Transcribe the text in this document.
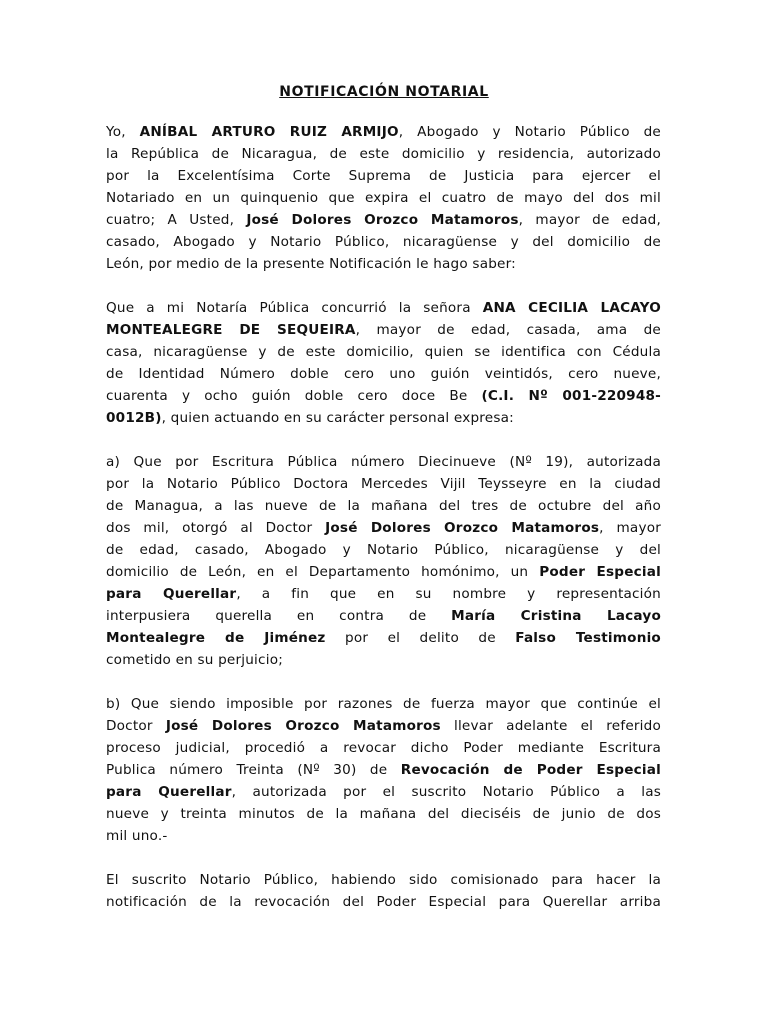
NOTIFICACIÓN NOTARIAL

Yo, ANÍBAL ARTURO RUIZ ARMIJO, Abogado y Notario Público de

la República de Nicaragua, de este domicilio y residencia, autorizado

por la Excelentísima Corte Suprema de Justicia para ejercer el

Notariado en un quinquenio que expira el cuatro de mayo del dos mil

cuatro; A Usted, José Dolores Orozco Matamoros, mayor de edad,

casado, Abogado y Notario Público, nicaragüense y del domicilio de

León, por medio de la presente Notificación le hago saber:

Que a mi Notaría Pública concurrió la señora ANA CECILIA LACAYO

MONTEALEGRE DE SEQUEIRA, mayor de edad, casada, ama de

casa, nicaragüense y de este domicilio, quien se identifica con Cédula

de Identidad Número doble cero uno guión veintidós, cero nueve,

cuarenta y ocho guión doble cero doce Be (C.I. Nº 001-220948-

0012B), quien actuando en su carácter personal expresa:

a) Que por Escritura Pública número Diecinueve (Nº 19), autorizada

por la Notario Público Doctora Mercedes Vijil Teysseyre en la ciudad

de Managua, a las nueve de la mañana del tres de octubre del año

dos mil, otorgó al Doctor José Dolores Orozco Matamoros, mayor

de edad, casado, Abogado y Notario Público, nicaragüense y del

domicilio de León, en el Departamento homónimo, un Poder Especial

para Querellar, a fin que en su nombre y representación

interpusiera querella en contra de María Cristina Lacayo

Montealegre de Jiménez por el delito de Falso Testimonio

cometido en su perjuicio;

b) Que siendo imposible por razones de fuerza mayor que continúe el

Doctor José Dolores Orozco Matamoros llevar adelante el referido

proceso judicial, procedió a revocar dicho Poder mediante Escritura

Publica número Treinta (Nº 30) de Revocación de Poder Especial

para Querellar, autorizada por el suscrito Notario Público a las

nueve y treinta minutos de la mañana del dieciséis de junio de dos

mil uno.-

El suscrito Notario Público, habiendo sido comisionado para hacer la

notificación de la revocación del Poder Especial para Querellar arriba
